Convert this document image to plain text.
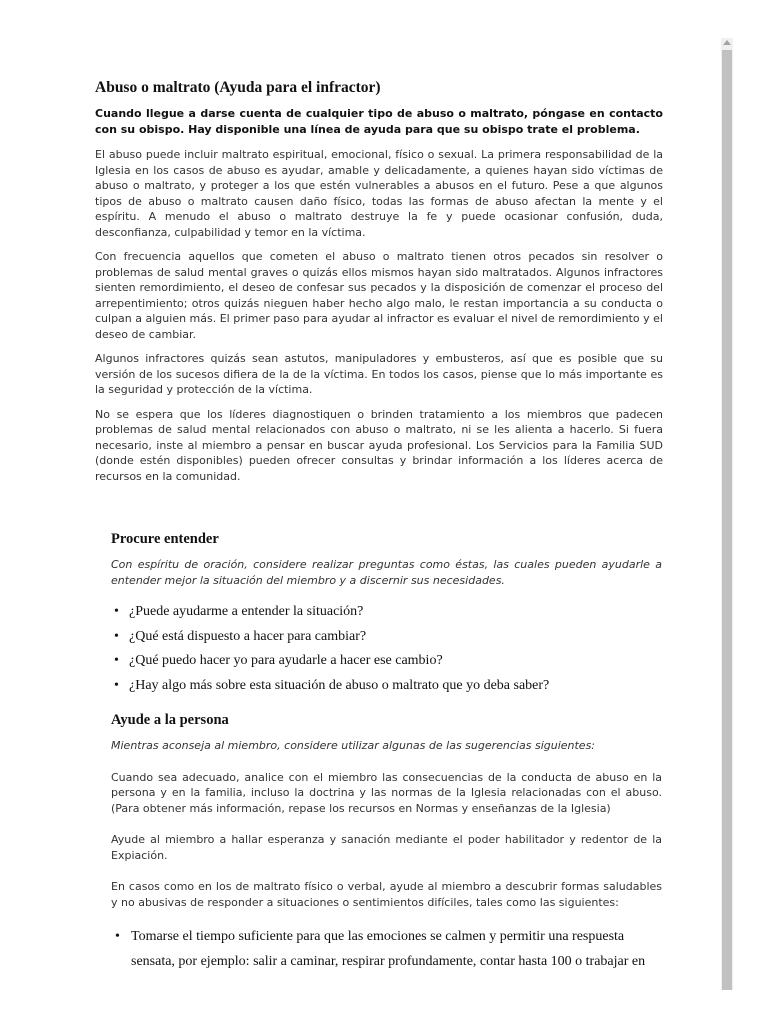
Abuso o maltrato (Ayuda para el infractor)

Cuando llegue a darse cuenta de cualquier tipo de abuso o maltrato, póngase en contacto con su obispo. Hay disponible una línea de ayuda para que su obispo trate el problema.

El abuso puede incluir maltrato espiritual, emocional, físico o sexual. La primera responsabilidad de la Iglesia en los casos de abuso es ayudar, amable y delicadamente, a quienes hayan sido víctimas de abuso o maltrato, y proteger a los que estén vulnerables a abusos en el futuro. Pese a que algunos tipos de abuso o maltrato causen daño físico, todas las formas de abuso afectan la mente y el espíritu. A menudo el abuso o maltrato destruye la fe y puede ocasionar confusión, duda, desconfianza, culpabilidad y temor en la víctima.

Con frecuencia aquellos que cometen el abuso o maltrato tienen otros pecados sin resolver o problemas de salud mental graves o quizás ellos mismos hayan sido maltratados. Algunos infractores sienten remordimiento, el deseo de confesar sus pecados y la disposición de comenzar el proceso del arrepentimiento; otros quizás nieguen haber hecho algo malo, le restan importancia a su conducta o culpan a alguien más. El primer paso para ayudar al infractor es evaluar el nivel de remordimiento y el deseo de cambiar.

Algunos infractores quizás sean astutos, manipuladores y embusteros, así que es posible que su versión de los sucesos difiera de la de la víctima. En todos los casos, piense que lo más importante es la seguridad y protección de la víctima.

No se espera que los líderes diagnostiquen o brinden tratamiento a los miembros que padecen problemas de salud mental relacionados con abuso o maltrato, ni se les alienta a hacerlo. Si fuera necesario, inste al miembro a pensar en buscar ayuda profesional. Los Servicios para la Familia SUD (donde estén disponibles) pueden ofrecer consultas y brindar información a los líderes acerca de recursos en la comunidad.

Procure entender

Con espíritu de oración, considere realizar preguntas como éstas, las cuales pueden ayudarle a entender mejor la situación del miembro y a discernir sus necesidades.

• ¿Puede ayudarme a entender la situación?
• ¿Qué está dispuesto a hacer para cambiar?
• ¿Qué puedo hacer yo para ayudarle a hacer ese cambio?
• ¿Hay algo más sobre esta situación de abuso o maltrato que yo deba saber?
Ayude a la persona

Mientras aconseja al miembro, considere utilizar algunas de las sugerencias siguientes:

Cuando sea adecuado, analice con el miembro las consecuencias de la conducta de abuso en la persona y en la familia, incluso la doctrina y las normas de la Iglesia relacionadas con el abuso. (Para obtener más información, repase los recursos en Normas y enseñanzas de la Iglesia)

Ayude al miembro a hallar esperanza y sanación mediante el poder habilitador y redentor de la Expiación.

En casos como en los de maltrato físico o verbal, ayude al miembro a descubrir formas saludables y no abusivas de responder a situaciones o sentimientos difíciles, tales como las siguientes:

• Tomarse el tiempo suficiente para que las emociones se calmen y permitir una respuesta sensata, por ejemplo: salir a caminar, respirar profundamente, contar hasta 100 o trabajar en
